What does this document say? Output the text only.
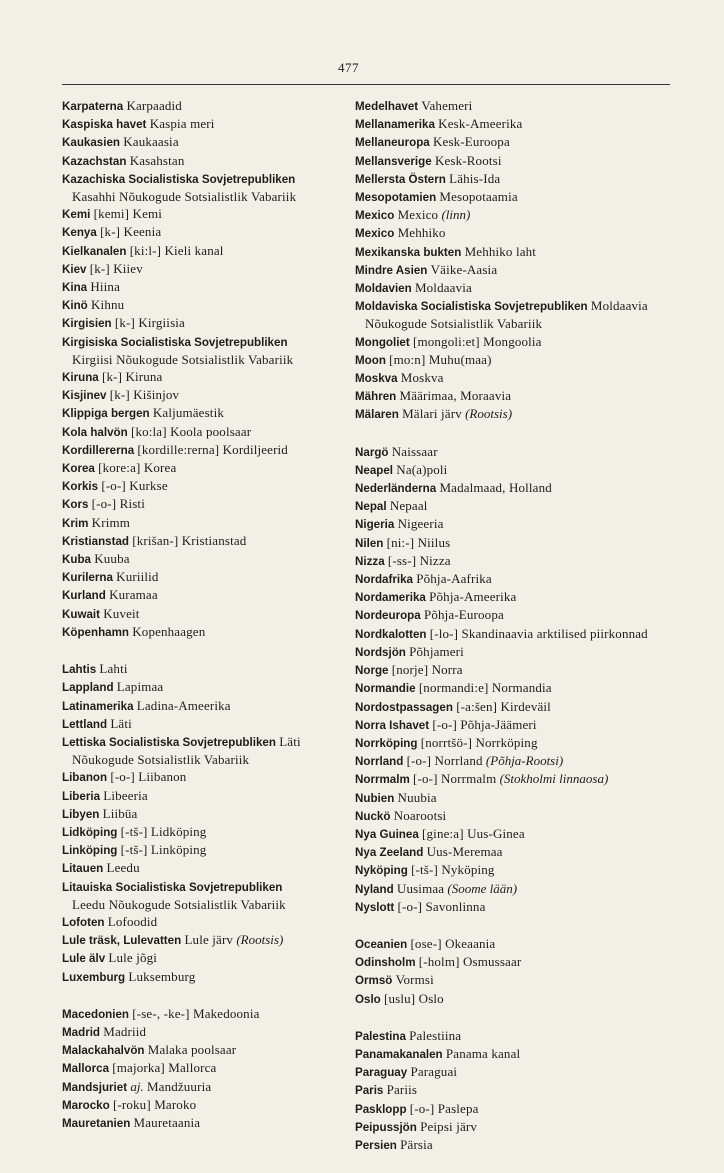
477

Karpaterna Karpaadid

Kaspiska havet Kaspia meri

Kaukasien Kaukaasia

Kazachstan Kasahstan

Kazachiska Socialistiska Sovjetrepubliken Kasahhi Nõukogude Sotsialistlik Vabariik

Kemi [kemi] Kemi

Kenya [k-] Keenia

Kielkanalen [ki:l-] Kieli kanal

Kiev [k-] Kiiev

Kina Hiina

Kinö Kihnu

Kirgisien [k-] Kirgiisia

Kirgisiska Socialistiska Sovjetrepubliken Kirgiisi Nõukogude Sotsialistlik Vabariik

Kiruna [k-] Kiruna

Kisjinev [k-] Kišinjov

Klippiga bergen Kaljumäestik

Kola halvön [ko:la] Koola poolsaar

Kordillererna [kordille:rerna] Kordiljeerid

Korea [kore:a] Korea

Korkis [-o-] Kurkse

Kors [-o-] Risti

Krim Krimm

Kristianstad [krišan-] Kristianstad

Kuba Kuuba

Kurilerna Kuriilid

Kurland Kuramaa

Kuwait Kuveit

Köpenhamn Kopenhaagen

Lahtis Lahti

Lappland Lapimaa

Latinamerika Ladina-Ameerika

Lettland Läti

Lettiska Socialistiska Sovjetrepubliken Läti Nõukogude Sotsialistlik Vabariik

Libanon [-o-] Liibanon

Liberia Libeeria

Libyen Liibüa

Lidköping [-tš-] Lidköping

Linköping [-tš-] Linköping

Litauen Leedu

Litauiska Socialistiska Sovjetrepubliken Leedu Nõukogude Sotsialistlik Vabariik

Lofoten Lofoodid

Lule träsk, Lulevatten Lule järv (Rootsis)

Lule älv Lule jõgi

Luxemburg Luksemburg

Macedonien [-se-, -ke-] Makedoonia

Madrid Madriid

Malackahalvön Malaka poolsaar

Mallorca [majorka] Mallorca

Mandsjuriet aj. Mandžuuria

Marocko [-roku] Maroko

Mauretanien Mauretaania

Medelhavet Vahemeri

Mellanamerika Kesk-Ameerika

Mellaneuropa Kesk-Euroopa

Mellansverige Kesk-Rootsi

Mellersta Östern Lähis-Ida

Mesopotamien Mesopotaamia

Mexico Mexico (linn)

Mexico Mehhiko

Mexikanska bukten Mehhiko laht

Mindre Asien Väike-Aasia

Moldavien Moldaavia

Moldaviska Socialistiska Sovjetrepubliken Moldaavia Nõukogude Sotsialistlik Vabariik

Mongoliet [mongoli:et] Mongoolia

Moon [mo:n] Muhu(maa)

Moskva Moskva

Mähren Määrimaa, Moraavia

Mälaren Mälari järv (Rootsis)

Nargö Naissaar

Neapel Na(a)poli

Nederländerna Madalmaad, Holland

Nepal Nepaal

Nigeria Nigeeria

Nilen [ni:-] Niilus

Nizza [-ss-] Nizza

Nordafrika Põhja-Aafrika

Nordamerika Põhja-Ameerika

Nordeuropa Põhja-Euroopa

Nordkalotten [-lo-] Skandinaavia arktilised piirkonnad

Nordsjön Põhjameri

Norge [norje] Norra

Normandie [normandi:e] Normandia

Nordostpassagen [-a:šen] Kirdeväil

Norra Ishavet [-o-] Põhja-Jäämeri

Norrköping [norrtšö-] Norrköping

Norrland [-o-] Norrland (Põhja-Rootsi)

Norrmalm [-o-] Norrmalm (Stokholmi linnaosa)

Nubien Nuubia

Nuckö Noarootsi

Nya Guinea [gine:a] Uus-Ginea

Nya Zeeland Uus-Meremaa

Nyköping [-tš-] Nyköping

Nyland Uusimaa (Soome lään)

Nyslott [-o-] Savonlinna

Oceanien [ose-] Okeaania

Odinsholm [-holm] Osmussaar

Ormsö Vormsi

Oslo [uslu] Oslo

Palestina Palestiina

Panamakanalen Panama kanal

Paraguay Paraguai

Paris Pariis

Pasklopp [-o-] Paslepa

Peipussjön Peipsi järv

Persien Pärsia
